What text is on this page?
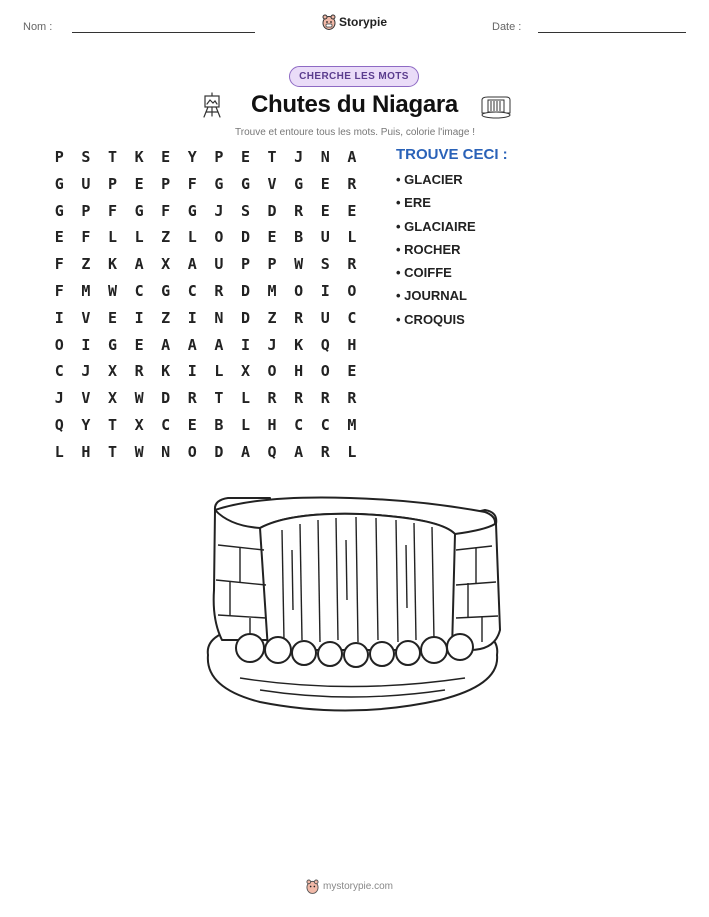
Nom :	Storypie	Date :
CHERCHE LES MOTS
Chutes du Niagara
Trouve et entoure tous les mots. Puis, colorie l'image !
P	S	T	K	E	Y	P	E	T	J	N	A
G	U	P	E	P	F	G	G	V	G	E	R
G	P	F	G	F	G	J	S	D	R	E	E
E	F	L	L	Z	L	O	D	E	B	U	L
F	Z	K	A	X	A	U	P	P	W	S	R
F	M	W	C	G	C	R	D	M	O	I	O
I	V	E	I	Z	I	N	D	Z	R	U	C
O	I	G	E	A	A	A	I	J	K	Q	H
C	J	X	R	K	I	L	X	O	H	O	E
J	V	X	W	D	R	T	L	R	R	R	R
Q	Y	T	X	C	E	B	L	H	C	C	M
L	H	T	W	N	O	D	A	Q	A	R	L
TROUVE CECI :
• GLACIER
• ERE
• GLACIAIRE
• ROCHER
• COIFFE
• JOURNAL
• CROQUIS
mystorypie.com
